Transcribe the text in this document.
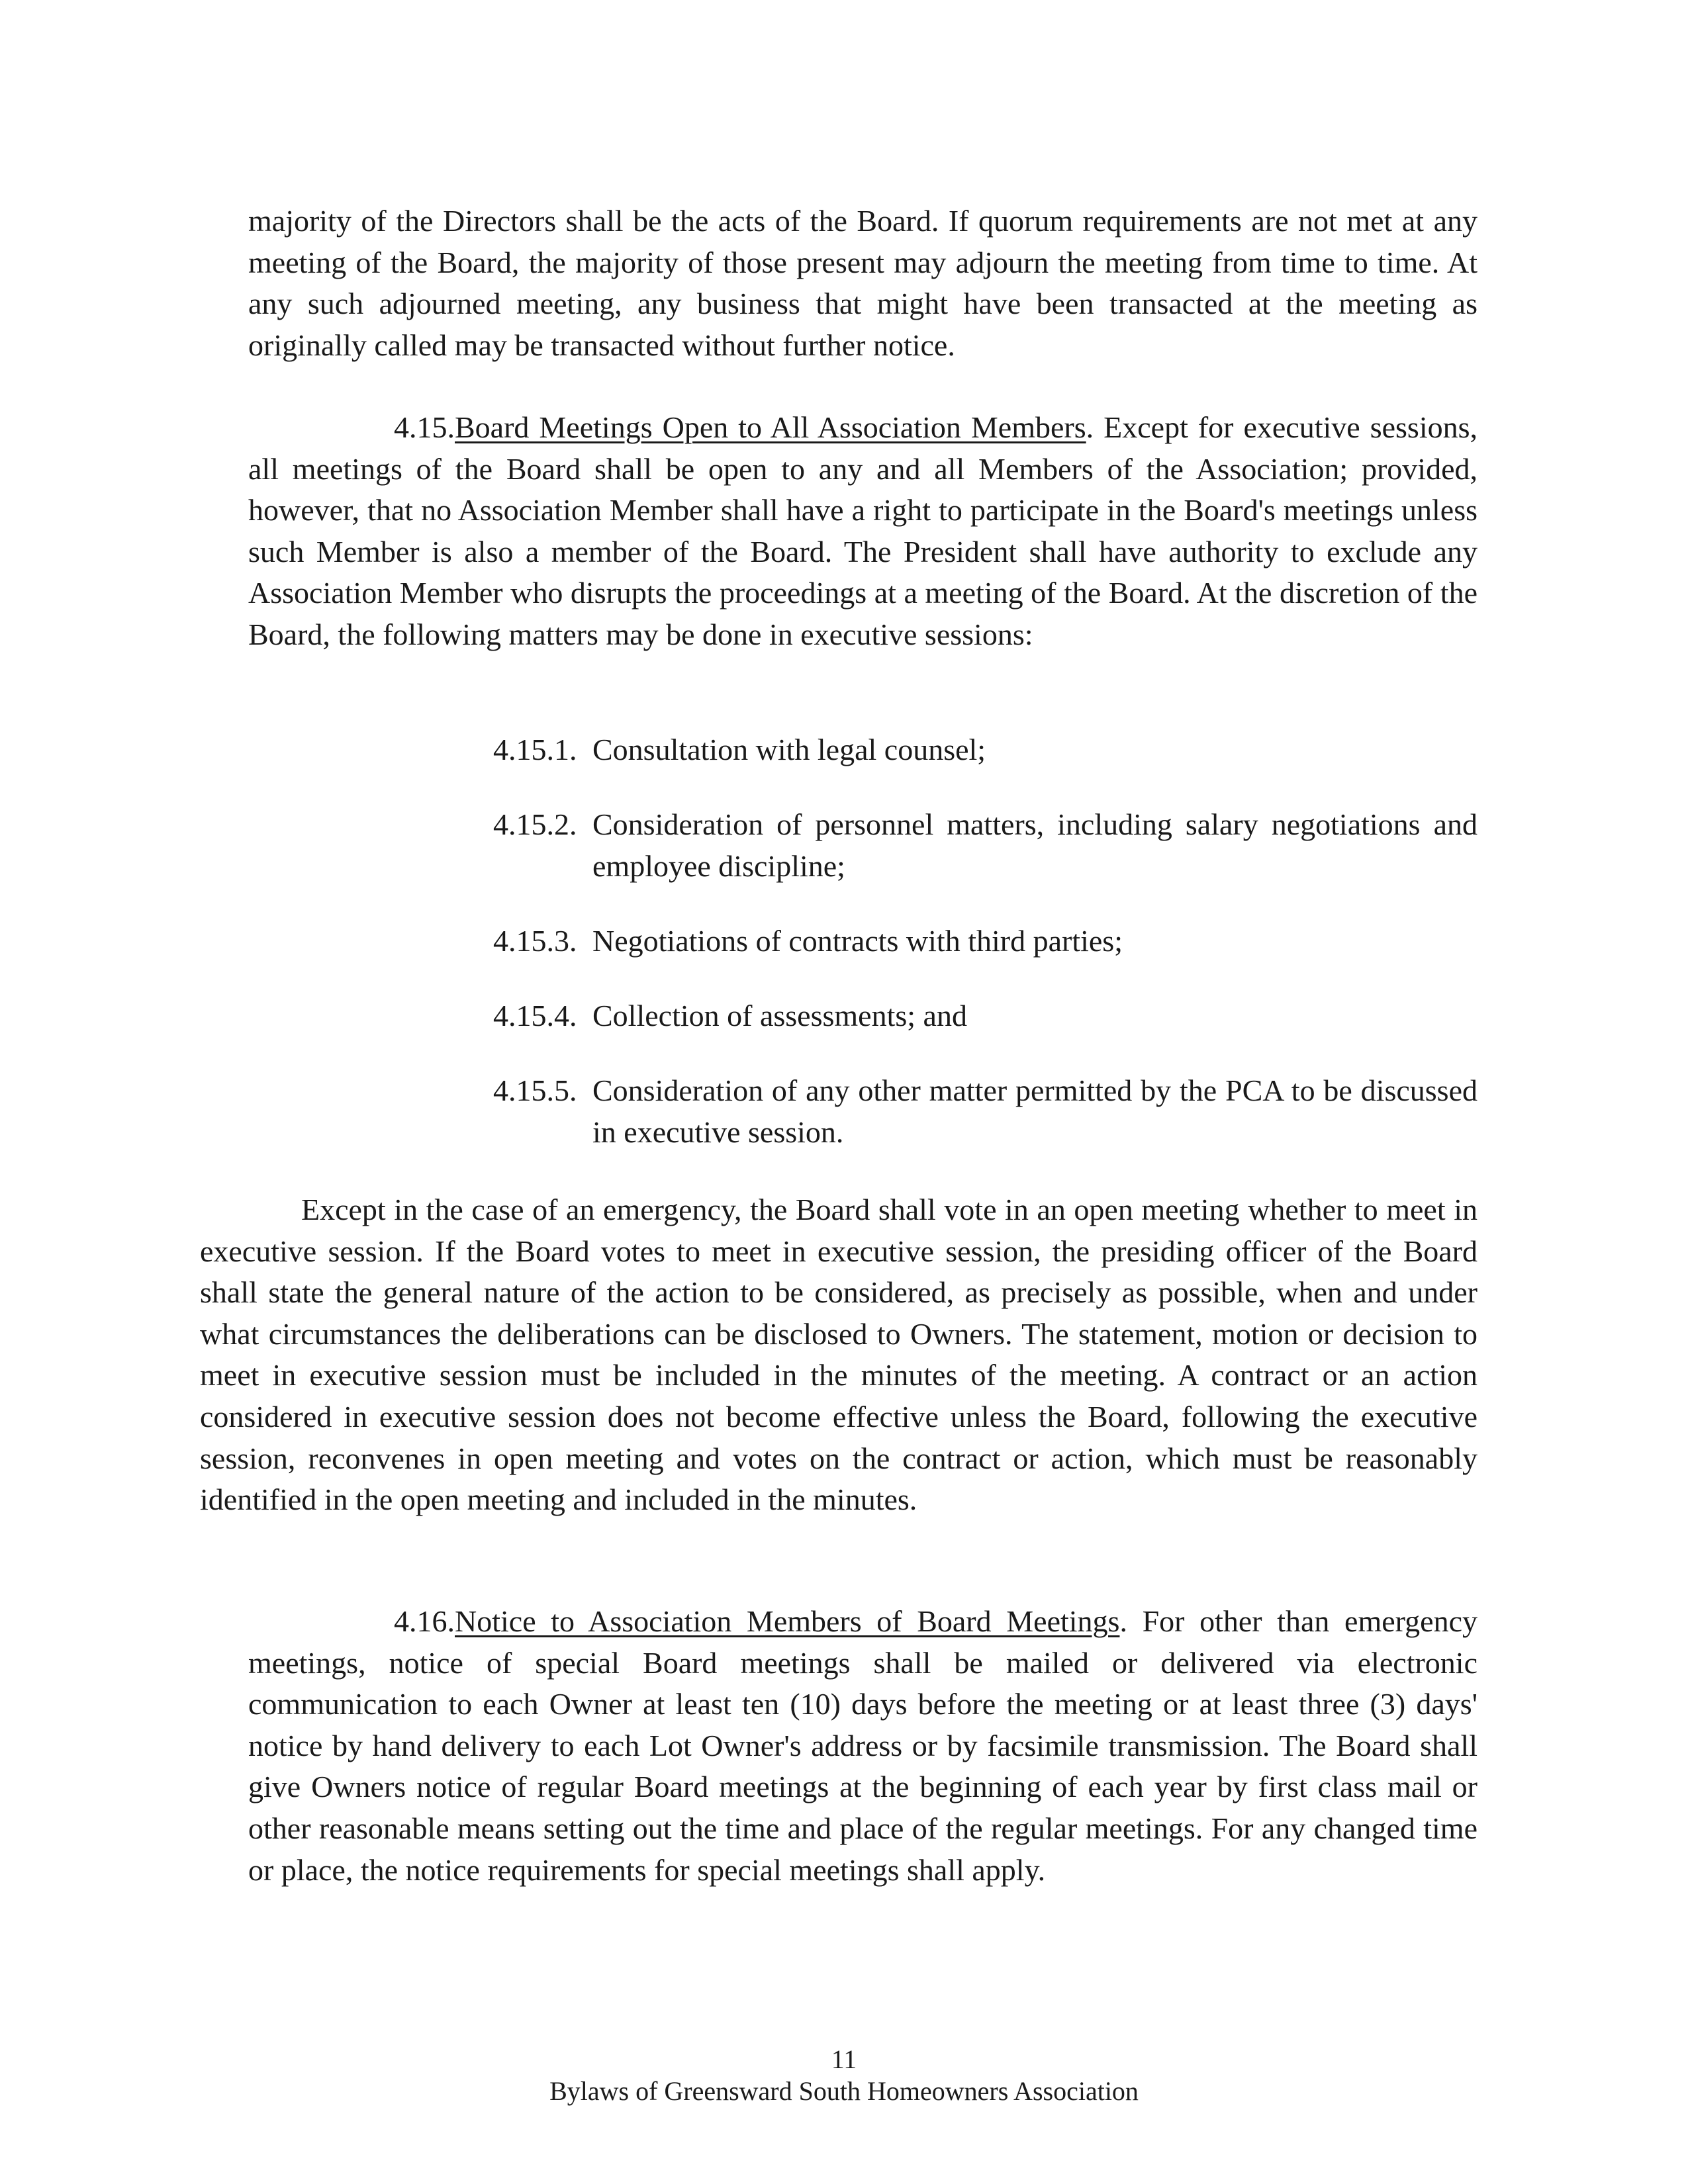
majority of the Directors shall be the acts of the Board. If quorum requirements are not met at any meeting of the Board, the majority of those present may adjourn the meeting from time to time. At any such adjourned meeting, any business that might have been transacted at the meeting as originally called may be transacted without further notice.

4.15.Board Meetings Open to All Association Members. Except for executive sessions, all meetings of the Board shall be open to any and all Members of the Association; provided, however, that no Association Member shall have a right to participate in the Board's meetings unless such Member is also a member of the Board. The President shall have authority to exclude any Association Member who disrupts the proceedings at a meeting of the Board. At the discretion of the Board, the following matters may be done in executive sessions:

4.15.1. Consultation with legal counsel;
4.15.2. Consideration of personnel matters, including salary negotiations and employee discipline;
4.15.3. Negotiations of contracts with third parties;
4.15.4. Collection of assessments; and
4.15.5. Consideration of any other matter permitted by the PCA to be discussed in executive session.

Except in the case of an emergency, the Board shall vote in an open meeting whether to meet in executive session. If the Board votes to meet in executive session, the presiding officer of the Board shall state the general nature of the action to be considered, as precisely as possible, when and under what circumstances the deliberations can be disclosed to Owners. The statement, motion or decision to meet in executive session must be included in the minutes of the meeting. A contract or an action considered in executive session does not become effective unless the Board, following the executive session, reconvenes in open meeting and votes on the contract or action, which must be reasonably identified in the open meeting and included in the minutes.

4.16.Notice to Association Members of Board Meetings. For other than emergency meetings, notice of special Board meetings shall be mailed or delivered via electronic communication to each Owner at least ten (10) days before the meeting or at least three (3) days' notice by hand delivery to each Lot Owner's address or by facsimile transmission. The Board shall give Owners notice of regular Board meetings at the beginning of each year by first class mail or other reasonable means setting out the time and place of the regular meetings. For any changed time or place, the notice requirements for special meetings shall apply.

11
Bylaws of Greensward South Homeowners Association
